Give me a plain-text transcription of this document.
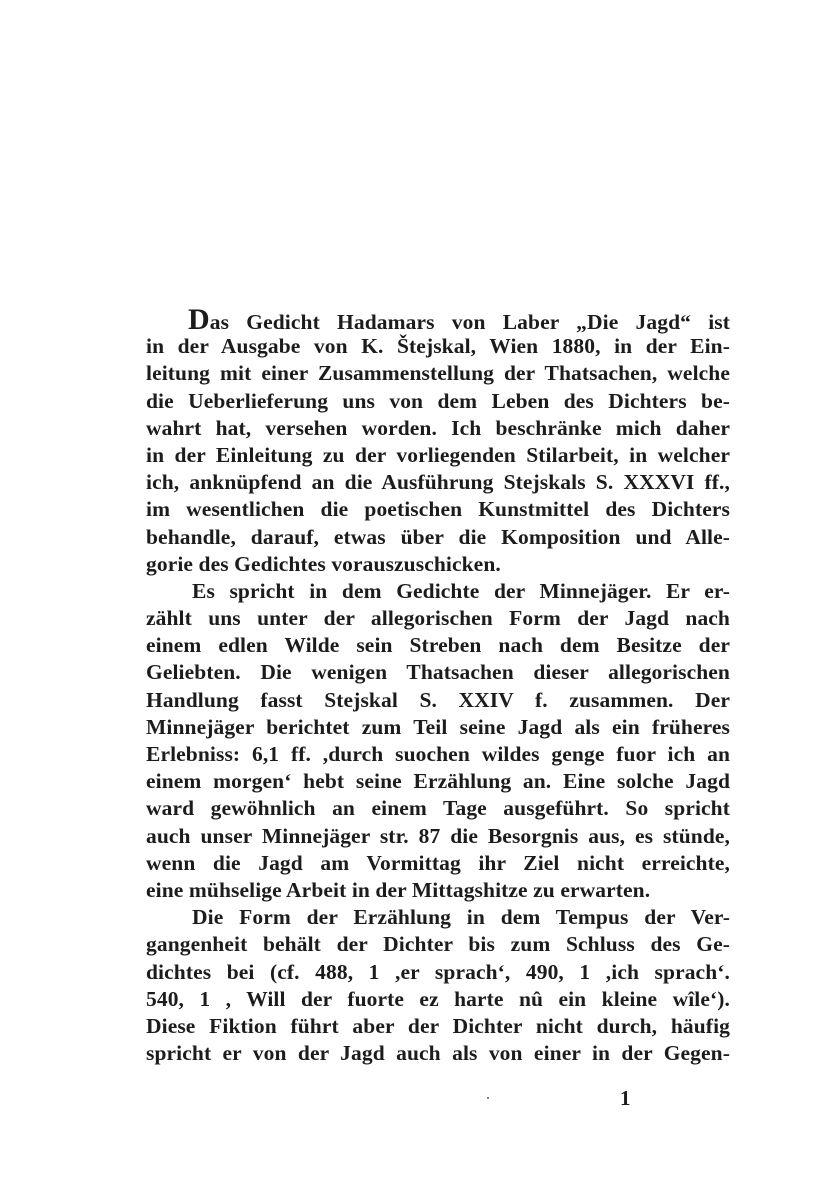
Das Gedicht Hadamars von Laber „Die Jagd“ ist
in der Ausgabe von K. Štejskal, Wien 1880, in der Ein-
leitung mit einer Zusammenstellung der Thatsachen, welche
die Ueberlieferung uns von dem Leben des Dichters be-
wahrt hat, versehen worden. Ich beschränke mich daher
in der Einleitung zu der vorliegenden Stilarbeit, in welcher
ich, anknüpfend an die Ausführung Stejskals S. XXXVI ff.,
im wesentlichen die poetischen Kunstmittel des Dichters
behandle, darauf, etwas über die Komposition und Alle-
gorie des Gedichtes vorauszuschicken.
Es spricht in dem Gedichte der Minnejäger. Er er-
zählt uns unter der allegorischen Form der Jagd nach
einem edlen Wilde sein Streben nach dem Besitze der
Geliebten. Die wenigen Thatsachen dieser allegorischen
Handlung fasst Stejskal S. XXIV f. zusammen. Der
Minnejäger berichtet zum Teil seine Jagd als ein früheres
Erlebniss: 6,1 ff. ,durch suochen wildes genge fuor ich an
einem morgen‘ hebt seine Erzählung an. Eine solche Jagd
ward gewöhnlich an einem Tage ausgeführt. So spricht
auch unser Minnejäger str. 87 die Besorgnis aus, es stünde,
wenn die Jagd am Vormittag ihr Ziel nicht erreichte,
eine mühselige Arbeit in der Mittagshitze zu erwarten.
Die Form der Erzählung in dem Tempus der Ver-
gangenheit behält der Dichter bis zum Schluss des Ge-
dichtes bei (cf. 488, 1 ,er sprach‘, 490, 1 ,ich sprach‘.
540, 1 , Will der fuorte ez harte nû ein kleine wîle‘).
Diese Fiktion führt aber der Dichter nicht durch, häufig
spricht er von der Jagd auch als von einer in der Gegen-
1
